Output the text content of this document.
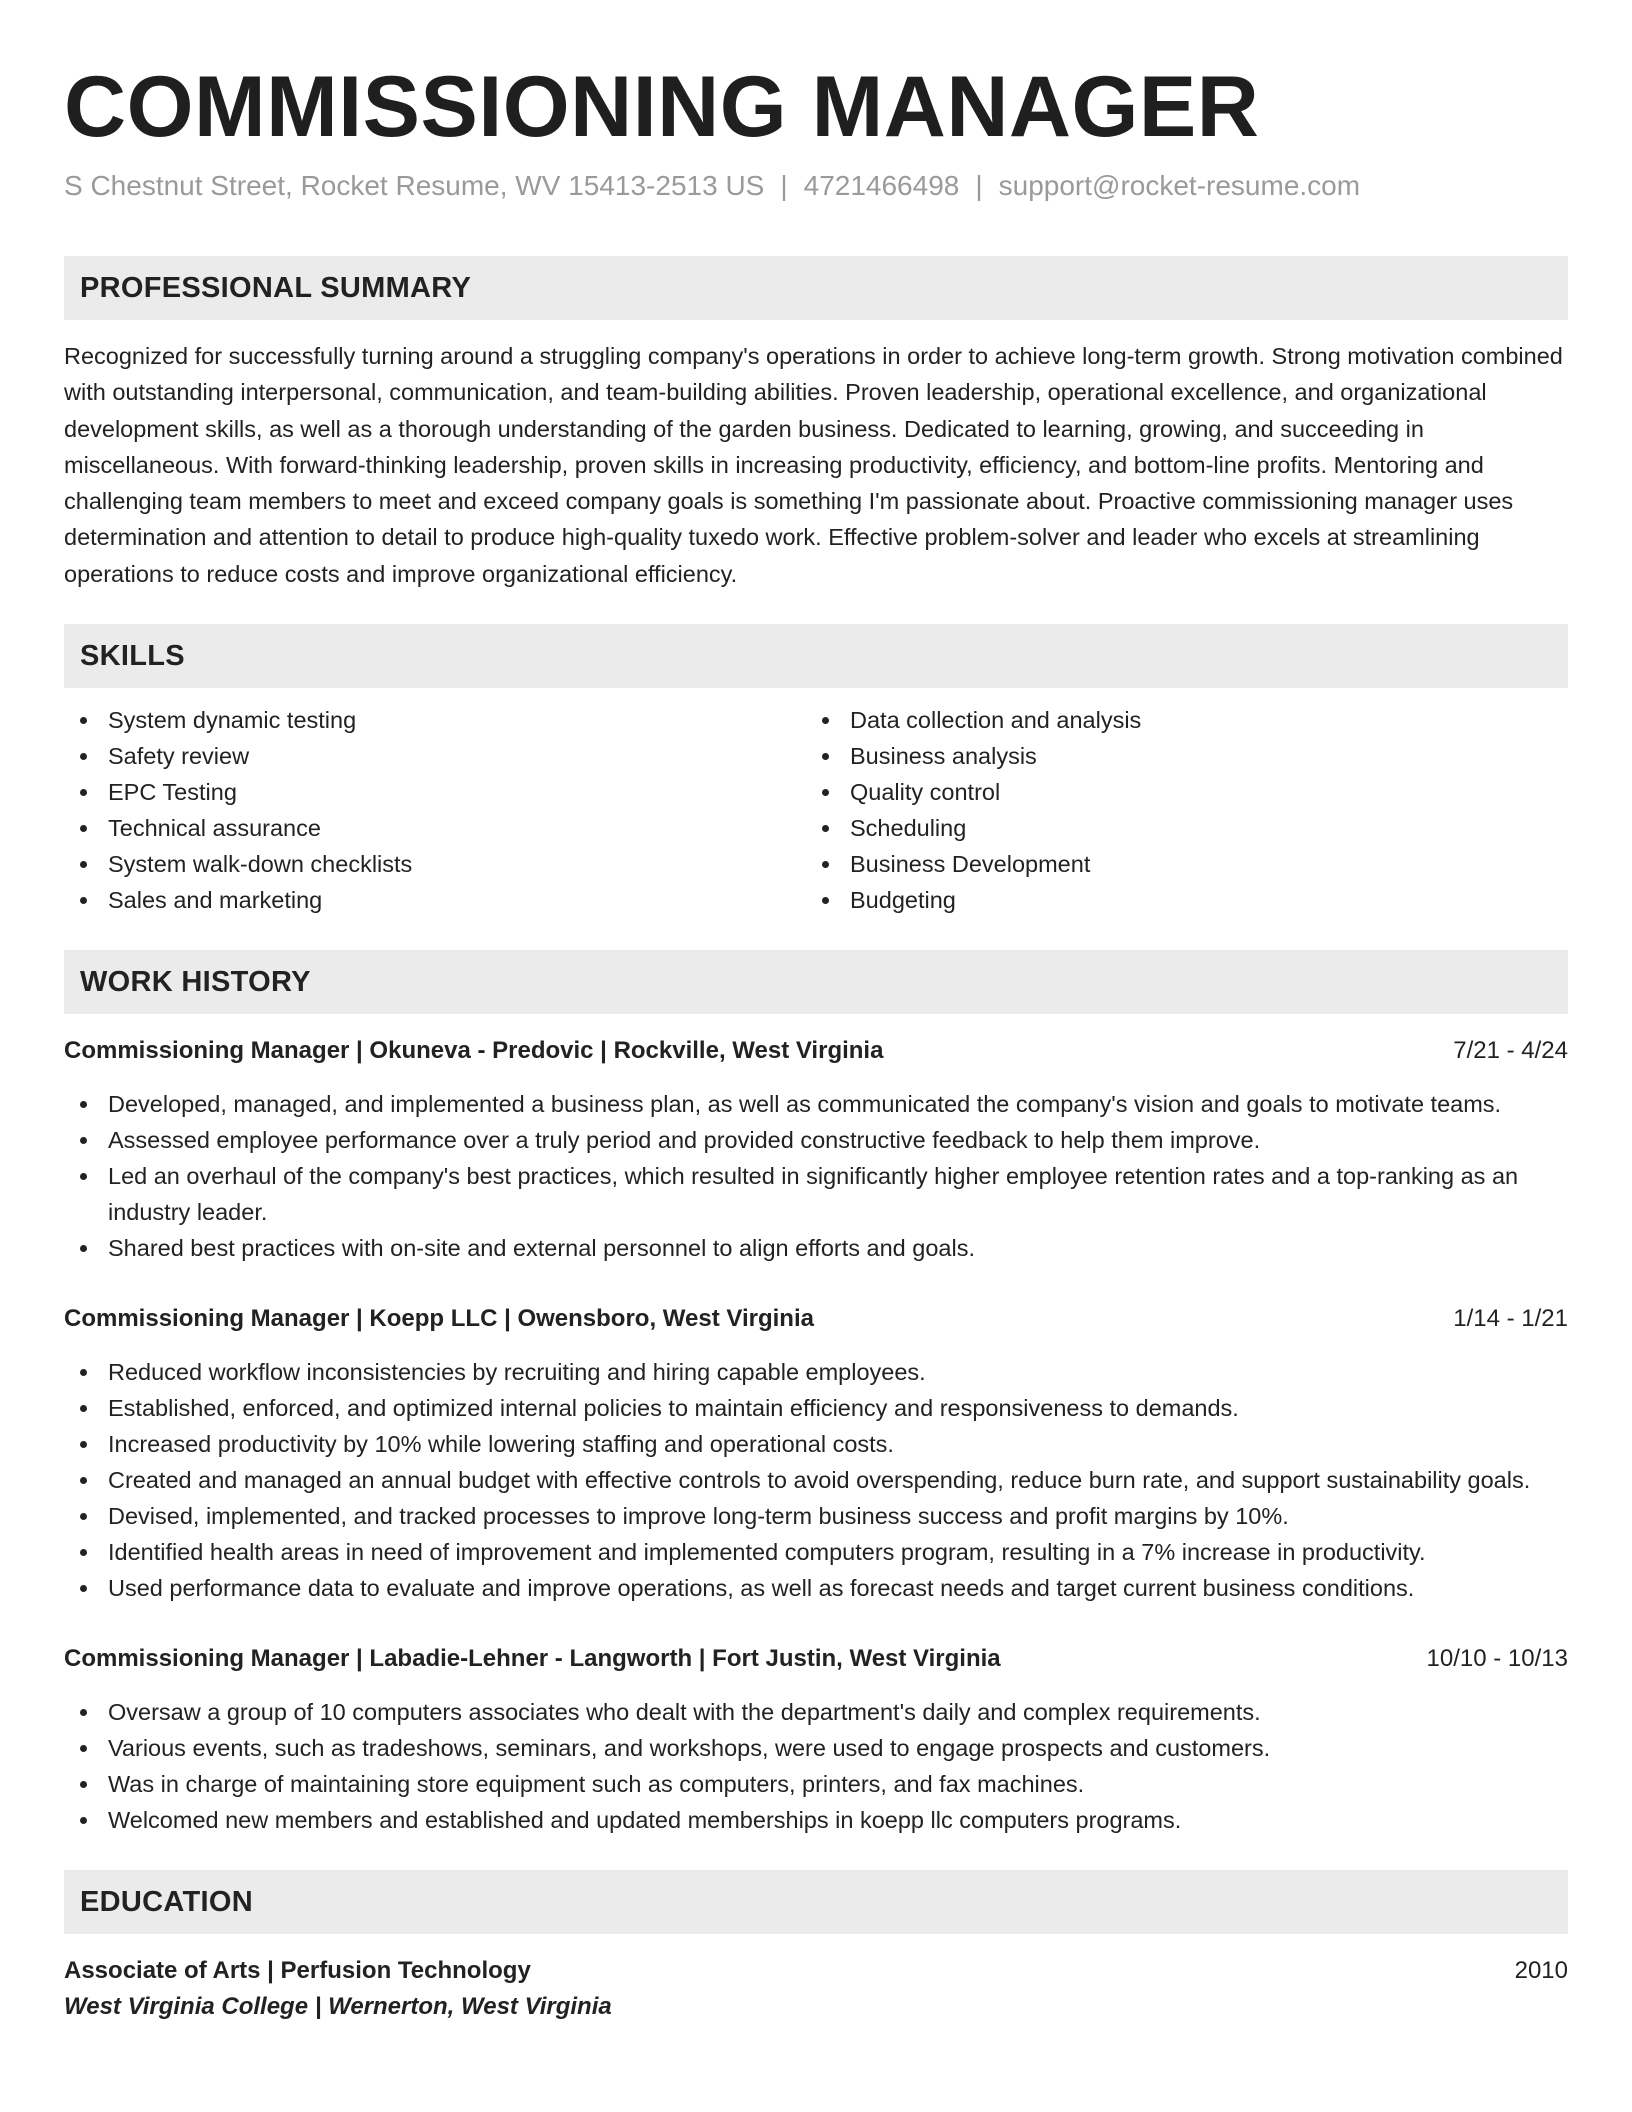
COMMISSIONING MANAGER
S Chestnut Street, Rocket Resume, WV 15413-2513 US | 4721466498 | support@rocket-resume.com
PROFESSIONAL SUMMARY

Recognized for successfully turning around a struggling company's operations in order to achieve long-term growth. Strong motivation combined with outstanding interpersonal, communication, and team-building abilities. Proven leadership, operational excellence, and organizational development skills, as well as a thorough understanding of the garden business. Dedicated to learning, growing, and succeeding in miscellaneous. With forward-thinking leadership, proven skills in increasing productivity, efficiency, and bottom-line profits. Mentoring and challenging team members to meet and exceed company goals is something I'm passionate about. Proactive commissioning manager uses determination and attention to detail to produce high-quality tuxedo work. Effective problem-solver and leader who excels at streamlining operations to reduce costs and improve organizational efficiency.

SKILLS
System dynamic testing
Safety review
EPC Testing
Technical assurance
System walk-down checklists
Sales and marketing
Data collection and analysis
Business analysis
Quality control
Scheduling
Business Development
Budgeting
WORK HISTORY
Commissioning Manager | Okuneva - Predovic | Rockville, West Virginia	7/21 - 4/24
Developed, managed, and implemented a business plan, as well as communicated the company's vision and goals to motivate teams.
Assessed employee performance over a truly period and provided constructive feedback to help them improve.
Led an overhaul of the company's best practices, which resulted in significantly higher employee retention rates and a top-ranking as an industry leader.
Shared best practices with on-site and external personnel to align efforts and goals.
Commissioning Manager | Koepp LLC | Owensboro, West Virginia	1/14 - 1/21
Reduced workflow inconsistencies by recruiting and hiring capable employees.
Established, enforced, and optimized internal policies to maintain efficiency and responsiveness to demands.
Increased productivity by 10% while lowering staffing and operational costs.
Created and managed an annual budget with effective controls to avoid overspending, reduce burn rate, and support sustainability goals.
Devised, implemented, and tracked processes to improve long-term business success and profit margins by 10%.
Identified health areas in need of improvement and implemented computers program, resulting in a 7% increase in productivity.
Used performance data to evaluate and improve operations, as well as forecast needs and target current business conditions.
Commissioning Manager | Labadie-Lehner - Langworth | Fort Justin, West Virginia	10/10 - 10/13
Oversaw a group of 10 computers associates who dealt with the department's daily and complex requirements.
Various events, such as tradeshows, seminars, and workshops, were used to engage prospects and customers.
Was in charge of maintaining store equipment such as computers, printers, and fax machines.
Welcomed new members and established and updated memberships in koepp llc computers programs.
EDUCATION
Associate of Arts | Perfusion Technology	2010
West Virginia College | Wernerton, West Virginia
